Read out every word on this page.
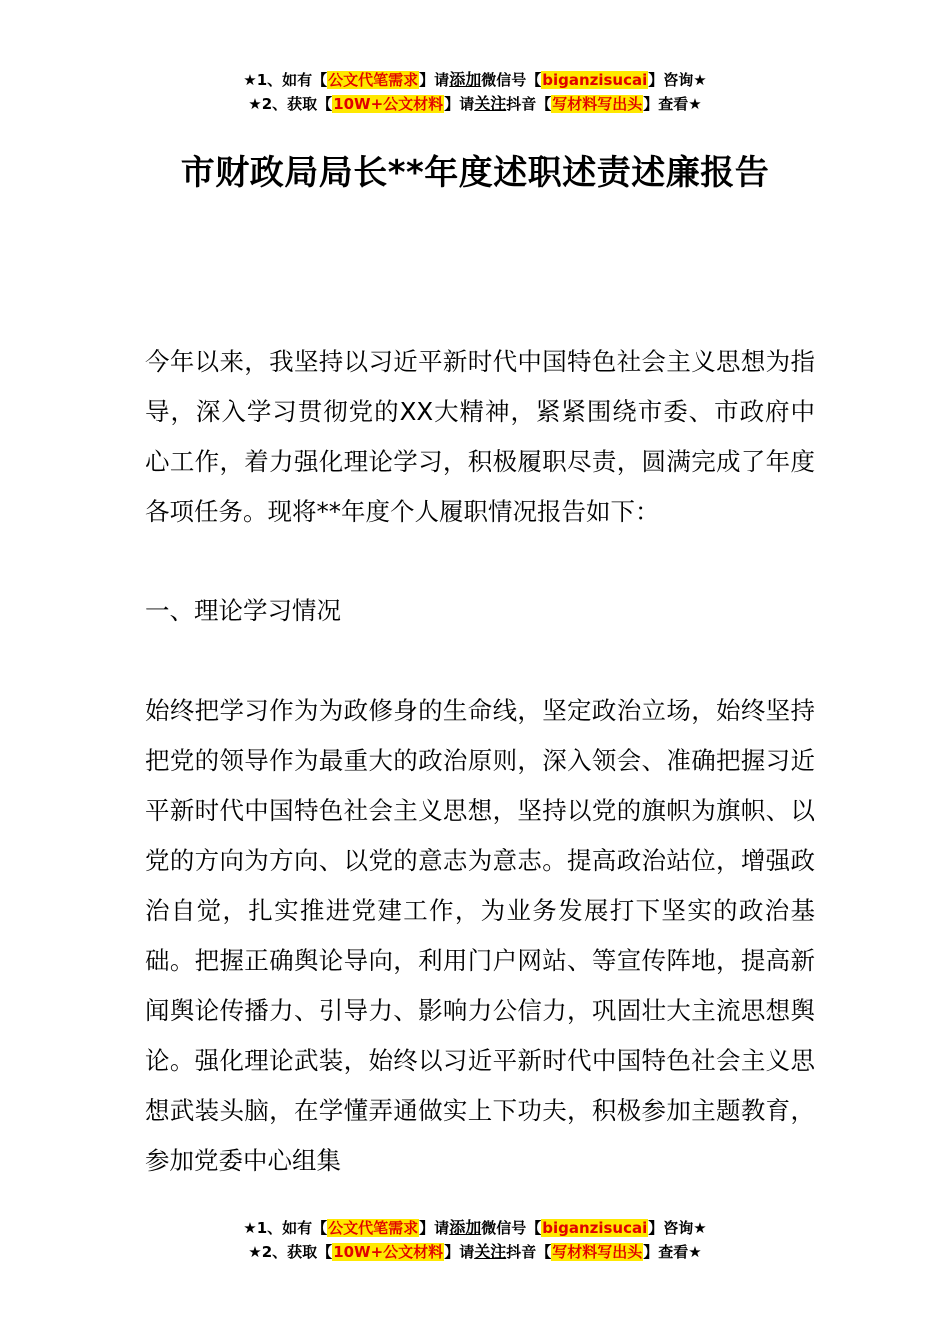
★1、如有【公文代笔需求】请添加微信号【biganzisucai】咨询★
★2、获取【10W+公文材料】请关注抖音【写材料写出头】查看★
市财政局局长**年度述职述责述廉报告

今年以来，我坚持以习近平新时代中国特色社会主义思想为指导，深入学习贯彻党的XX大精神，紧紧围绕市委、市政府中心工作，着力强化理论学习，积极履职尽责，圆满完成了年度各项任务。现将**年度个人履职情况报告如下：

一、理论学习情况

始终把学习作为为政修身的生命线，坚定政治立场，始终坚持把党的领导作为最重大的政治原则，深入领会、准确把握习近平新时代中国特色社会主义思想，坚持以党的旗帜为旗帜、以党的方向为方向、以党的意志为意志。提高政治站位，增强政治自觉，扎实推进党建工作，为业务发展打下坚实的政治基础。把握正确舆论导向，利用门户网站、等宣传阵地，提高新闻舆论传播力、引导力、影响力公信力，巩固壮大主流思想舆论。强化理论武装，始终以习近平新时代中国特色社会主义思想武装头脑，在学懂弄通做实上下功夫，积极参加主题教育，参加党委中心组集

★1、如有【公文代笔需求】请添加微信号【biganzisucai】咨询★
★2、获取【10W+公文材料】请关注抖音【写材料写出头】查看★
